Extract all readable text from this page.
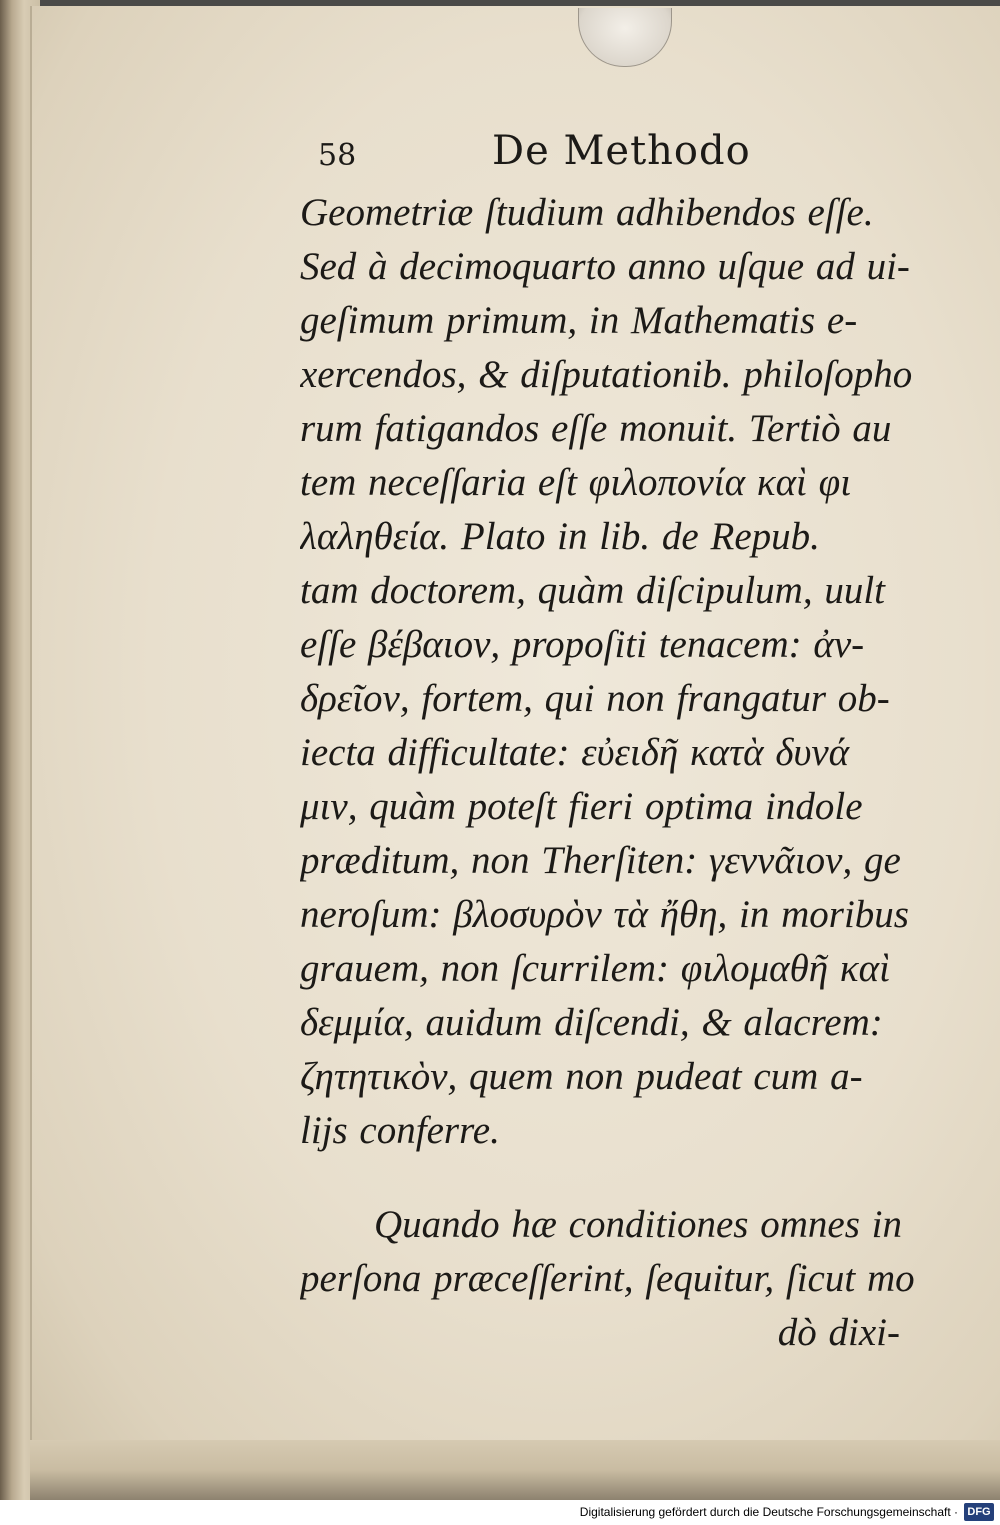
58	De Methodo
Geometriæ ſtudium adhibendos eſſe.
Sed à decimoquarto anno uſque ad ui-
geſimum primum, in Mathematis e-
xercendos, & diſputationib. philoſopho
rum fatigandos eſſe monuit. Tertiò au
tem neceſſaria eſt φιλοπονία καὶ φι
λαληθεία. Plato in lib. de Repub.
tam doctorem, quàm diſcipulum, uult
eſſe βέβαιον, propoſiti tenacem: ἀν-
δρεῖον, fortem, qui non frangatur ob-
iecta difficultate: εὐειδῆ κατὰ δυνά
μιν, quàm poteſt fieri optima indole
præditum, non Therſiten: γεννᾶιον, ge
neroſum: βλοσυρὸν τὰ ἤθη, in moribus
grauem, non ſcurrilem: φιλομαθῆ καὶ
δεμμία, auidum diſcendi, & alacrem:
ζητητικὸν, quem non pudeat cum a-
lijs conferre.
Quando hæ conditiones omnes in
perſona præceſſerint, ſequitur, ſicut mo
dò dixi-
Digitalisierung gefördert durch die Deutsche Forschungsgemeinschaft · DFG
